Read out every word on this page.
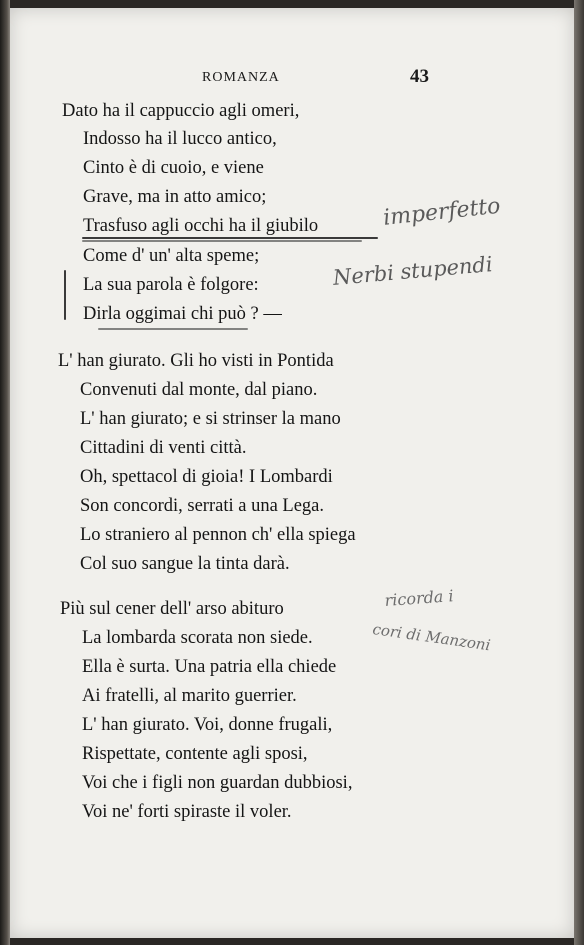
ROMANZA	43
Dato ha il cappuccio agli omeri,
Indosso ha il lucco antico,
Cinto è di cuoio, e viene
Grave, ma in atto amico;
Trasfuso agli occhi ha il giubilo
Come d' un' alta speme;
La sua parola è folgore:
Dirla oggimai chi può ? —
L' han giurato. Gli ho visti in Pontida
Convenuti dal monte, dal piano.
L' han giurato; e si strinser la mano
Cittadini di venti città.
Oh, spettacol di gioia! I Lombardi
Son concordi, serrati a una Lega.
Lo straniero al pennon ch' ella spiega
Col suo sangue la tinta darà.
Più sul cener dell' arso abituro
La lombarda scorata non siede.
Ella è surta. Una patria ella chiede
Ai fratelli, al marito guerrier.
L' han giurato. Voi, donne frugali,
Rispettate, contente agli sposi,
Voi che i figli non guardan dubbiosi,
Voi ne' forti spiraste il voler.
imperfetto
Nerbi stupendi
ricorda i
cori di Manzoni
